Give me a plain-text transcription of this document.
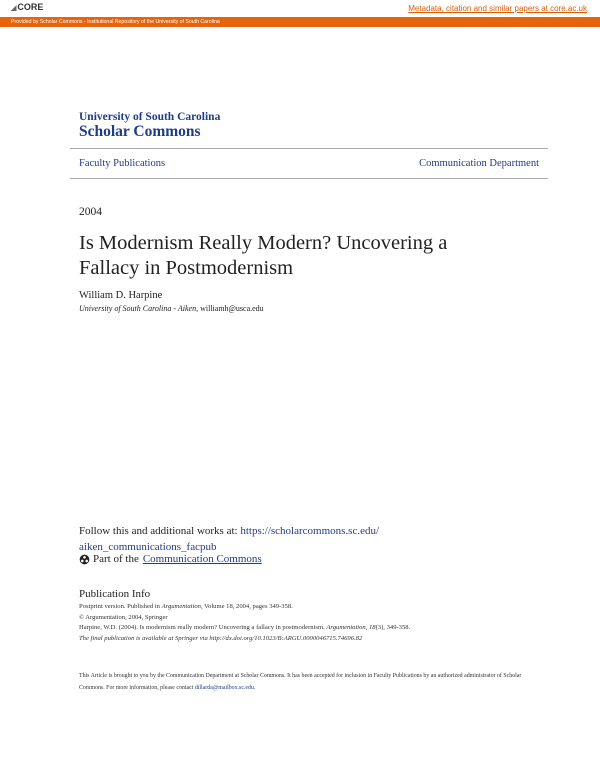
◢CORE	Metadata, citation and similar papers at core.ac.uk
Provided by Scholar Commons - Institutional Repository of the University of South Carolina
University of South Carolina
Scholar Commons
Faculty Publications	Communication Department
2004
Is Modernism Really Modern? Uncovering a Fallacy in Postmodernism
William D. Harpine
University of South Carolina - Aiken, williamh@usca.edu
Follow this and additional works at: https://scholarcommons.sc.edu/
aiken_communications_facpub
Part of the Communication Commons
Publication Info
Postprint version. Published in Argumentation, Volume 18, 2004, pages 349-358.
© Argumentation, 2004, Springer
Harpine, W.D. (2004). Is modernism really modern? Uncovering a fallacy in postmodernism. Argumentation, 18(3), 349-358.
The final publication is available at Springer via http://dx.doi.org/10.1023/B:ARGU.0000046715.74696.82
This Article is brought to you by the Communication Department at Scholar Commons. It has been accepted for inclusion in Faculty Publications by an authorized administrator of Scholar Commons. For more information, please contact dillarda@mailbox.sc.edu.
